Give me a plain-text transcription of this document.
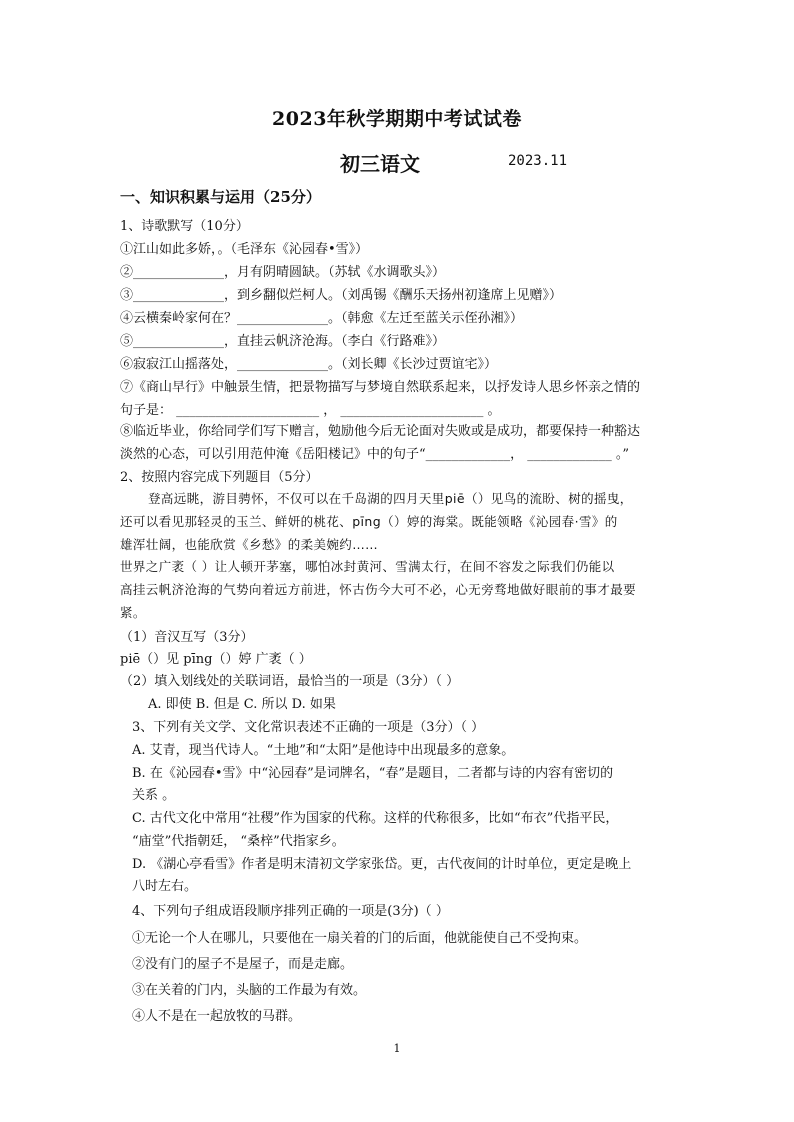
2023年秋学期期中考试试卷
初三语文	2023.11
一、知识积累与运用（25分）
1、诗歌默写（10分）
①江山如此多娇，。（毛泽东《沁园春•雪》）
②______________，月有阴晴圆缺。（苏轼《水调歌头》）
③______________，到乡翻似烂柯人。（刘禹锡《酬乐天扬州初逢席上见赠》）
④云横秦岭家何在？______________。（韩愈《左迁至蓝关示侄孙湘》）
⑤______________，直挂云帆济沧海。（李白《行路难》）
⑥寂寂江山摇落处，______________。（刘长卿《长沙过贾谊宅》）
⑦《商山早行》中触景生情，把景物描写与梦境自然联系起来，以抒发诗人思乡怀亲之情的
句子是： ______________________ ， ______________________ 。
⑧临近毕业，你给同学们写下赠言，勉励他今后无论面对失败或是成功，都要保持一种豁达
淡然的心态，可以引用范仲淹《岳阳楼记》中的句子“_____________， _____________ 。”
2、按照内容完成下列题目（5分）
登高远眺，游目骋怀，不仅可以在千岛湖的四月天里piē（）见鸟的流盼、树的摇曳，
还可以看见那轻灵的玉兰、鲜妍的桃花、pīng（）婷的海棠。既能领略《沁园春·雪》的
雄浑壮阔，也能欣赏《乡愁》的柔美婉约……
世界之广袤（ ）让人顿开茅塞，哪怕冰封黄河、雪满太行，在间不容发之际我们仍能以
高挂云帆济沧海的气势向着远方前进，怀古伤今大可不必，心无旁骛地做好眼前的事才最要
紧。
（1）音汉互写（3分）
piē（）见 pīng（）婷 广袤（ ）
（2）填入划线处的关联词语，最恰当的一项是（3分）（ ）
A. 即使 B. 但是 C. 所以 D. 如果
3、下列有关文学、文化常识表述不正确的一项是（3分）（ ）
A. 艾青，现当代诗人。“土地”和“太阳”是他诗中出现最多的意象。
B. 在《沁园春•雪》中“沁园春”是词牌名，“春”是题目，二者都与诗的内容有密切的
关系 。
C. 古代文化中常用“社稷”作为国家的代称。这样的代称很多，比如“布衣”代指平民，
“庙堂”代指朝廷， “桑梓”代指家乡。
D. 《湖心亭看雪》作者是明末清初文学家张岱。更，古代夜间的计时单位，更定是晚上
八时左右。
4、下列句子组成语段顺序排列正确的一项是(3分)（ ）
①无论一个人在哪儿，只要他在一扇关着的门的后面，他就能使自己不受拘束。
②没有门的屋子不是屋子，而是走廊。
③在关着的门内，头脑的工作最为有效。
④人不是在一起放牧的马群。
1
